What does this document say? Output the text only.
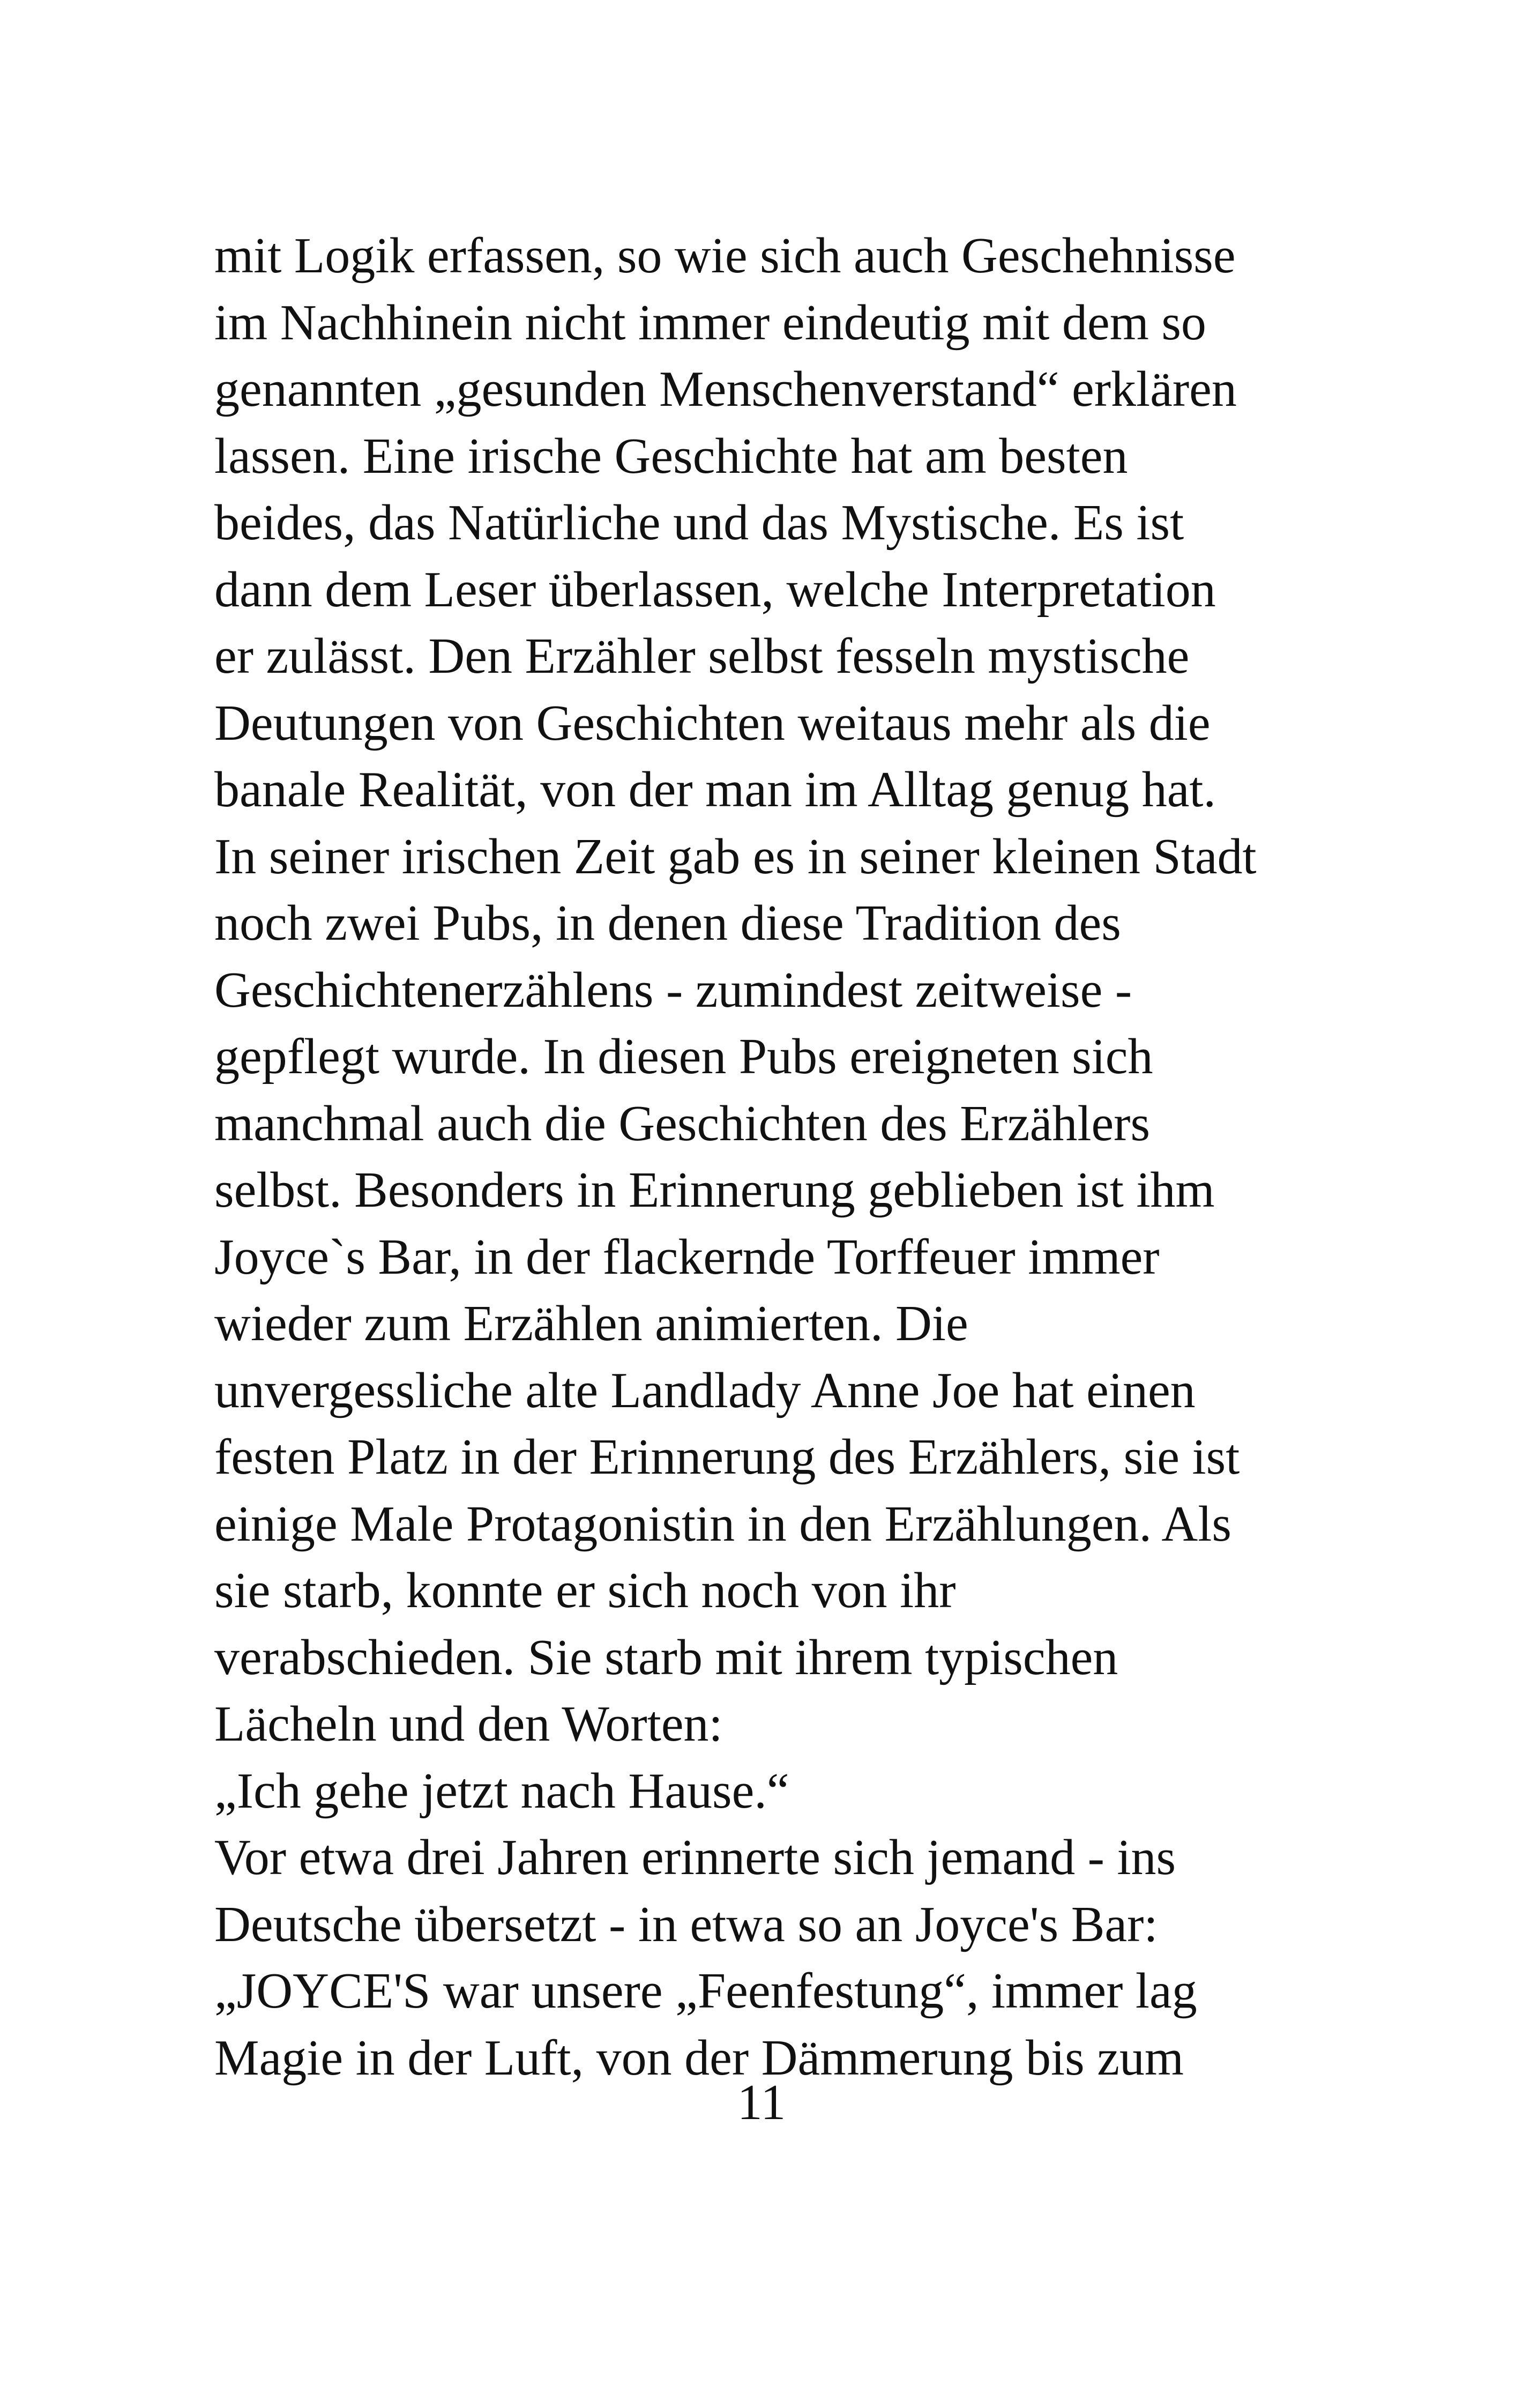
mit Logik erfassen, so wie sich auch Geschehnisse
im Nachhinein nicht immer eindeutig mit dem so
genannten „gesunden Menschenverstand“ erklären
lassen. Eine irische Geschichte hat am besten
beides, das Natürliche und das Mystische. Es ist
dann dem Leser überlassen, welche Interpretation
er zulässt. Den Erzähler selbst fesseln mystische
Deutungen von Geschichten weitaus mehr als die
banale Realität, von der man im Alltag genug hat.
In seiner irischen Zeit gab es in seiner kleinen Stadt
noch zwei Pubs, in denen diese Tradition des
Geschichtenerzählens - zumindest zeitweise -
gepflegt wurde. In diesen Pubs ereigneten sich
manchmal auch die Geschichten des Erzählers
selbst. Besonders in Erinnerung geblieben ist ihm
Joyce`s Bar, in der flackernde Torffeuer immer
wieder zum Erzählen animierten. Die
unvergessliche alte Landlady Anne Joe hat einen
festen Platz in der Erinnerung des Erzählers, sie ist
einige Male Protagonistin in den Erzählungen. Als
sie starb, konnte er sich noch von ihr
verabschieden. Sie starb mit ihrem typischen
Lächeln und den Worten:
„Ich gehe jetzt nach Hause.“
Vor etwa drei Jahren erinnerte sich jemand - ins
Deutsche übersetzt - in etwa so an Joyce's Bar:
„JOYCE'S war unsere „Feenfestung“, immer lag
Magie in der Luft, von der Dämmerung bis zum
11
